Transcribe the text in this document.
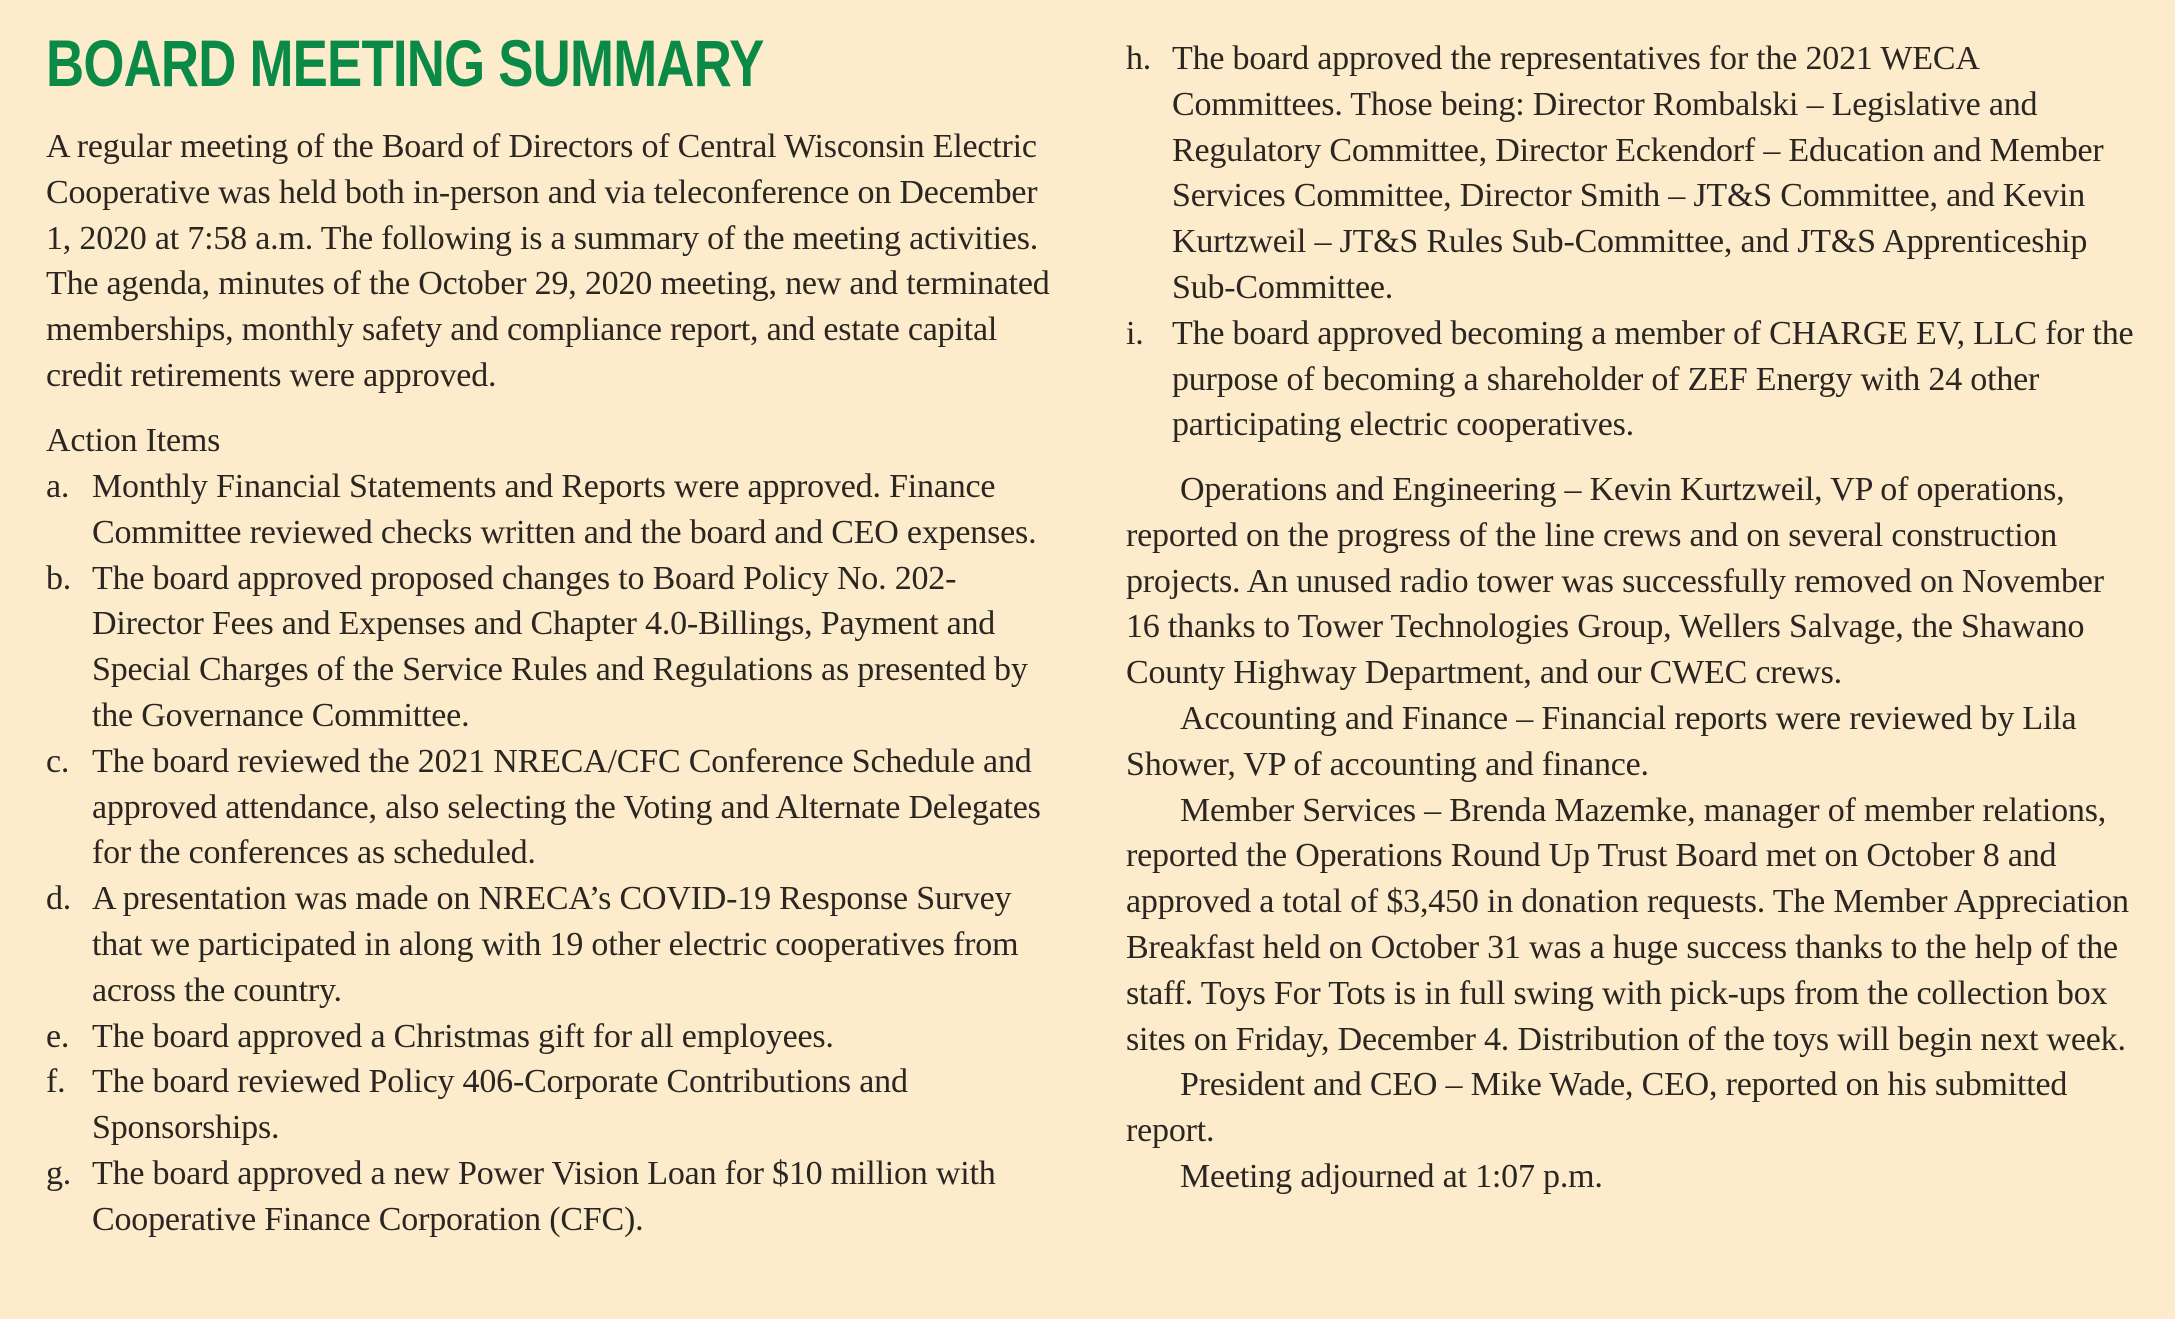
BOARD MEETING SUMMARY

A regular meeting of the Board of Directors of Central Wisconsin Electric Cooperative was held both in-person and via teleconference on December 1, 2020 at 7:58 a.m. The following is a summary of the meeting activities. The agenda, minutes of the October 29, 2020 meeting, new and terminated memberships, monthly safety and compliance report, and estate capital credit retirements were approved.

Action Items

a. Monthly Financial Statements and Reports were approved. Finance Committee reviewed checks written and the board and CEO expenses.
b. The board approved proposed changes to Board Policy No. 202-Director Fees and Expenses and Chapter 4.0-Billings, Payment and Special Charges of the Service Rules and Regulations as presented by the Governance Committee.
c. The board reviewed the 2021 NRECA/CFC Conference Schedule and approved attendance, also selecting the Voting and Alternate Delegates for the conferences as scheduled.
d. A presentation was made on NRECA’s COVID-19 Response Survey that we participated in along with 19 other electric cooperatives from across the country.
e. The board approved a Christmas gift for all employees.
f. The board reviewed Policy 406-Corporate Contributions and Sponsorships.
g. The board approved a new Power Vision Loan for $10 million with Cooperative Finance Corporation (CFC).
h. The board approved the representatives for the 2021 WECA Committees. Those being: Director Rombalski – Legislative and Regulatory Committee, Director Eckendorf – Education and Member Services Committee, Director Smith – JT&S Committee, and Kevin Kurtzweil – JT&S Rules Sub-Committee, and JT&S Apprenticeship Sub-Committee.
i. The board approved becoming a member of CHARGE EV, LLC for the purpose of becoming a shareholder of ZEF Energy with 24 other participating electric cooperatives.

Operations and Engineering – Kevin Kurtzweil, VP of operations, reported on the progress of the line crews and on several construction projects. An unused radio tower was successfully removed on November 16 thanks to Tower Technologies Group, Wellers Salvage, the Shawano County Highway Department, and our CWEC crews.

Accounting and Finance – Financial reports were reviewed by Lila Shower, VP of accounting and finance.

Member Services – Brenda Mazemke, manager of member relations, reported the Operations Round Up Trust Board met on October 8 and approved a total of $3,450 in donation requests. The Member Appreciation Breakfast held on October 31 was a huge success thanks to the help of the staff. Toys For Tots is in full swing with pick-ups from the collection box sites on Friday, December 4. Distribution of the toys will begin next week.

President and CEO – Mike Wade, CEO, reported on his submitted report.

Meeting adjourned at 1:07 p.m.
